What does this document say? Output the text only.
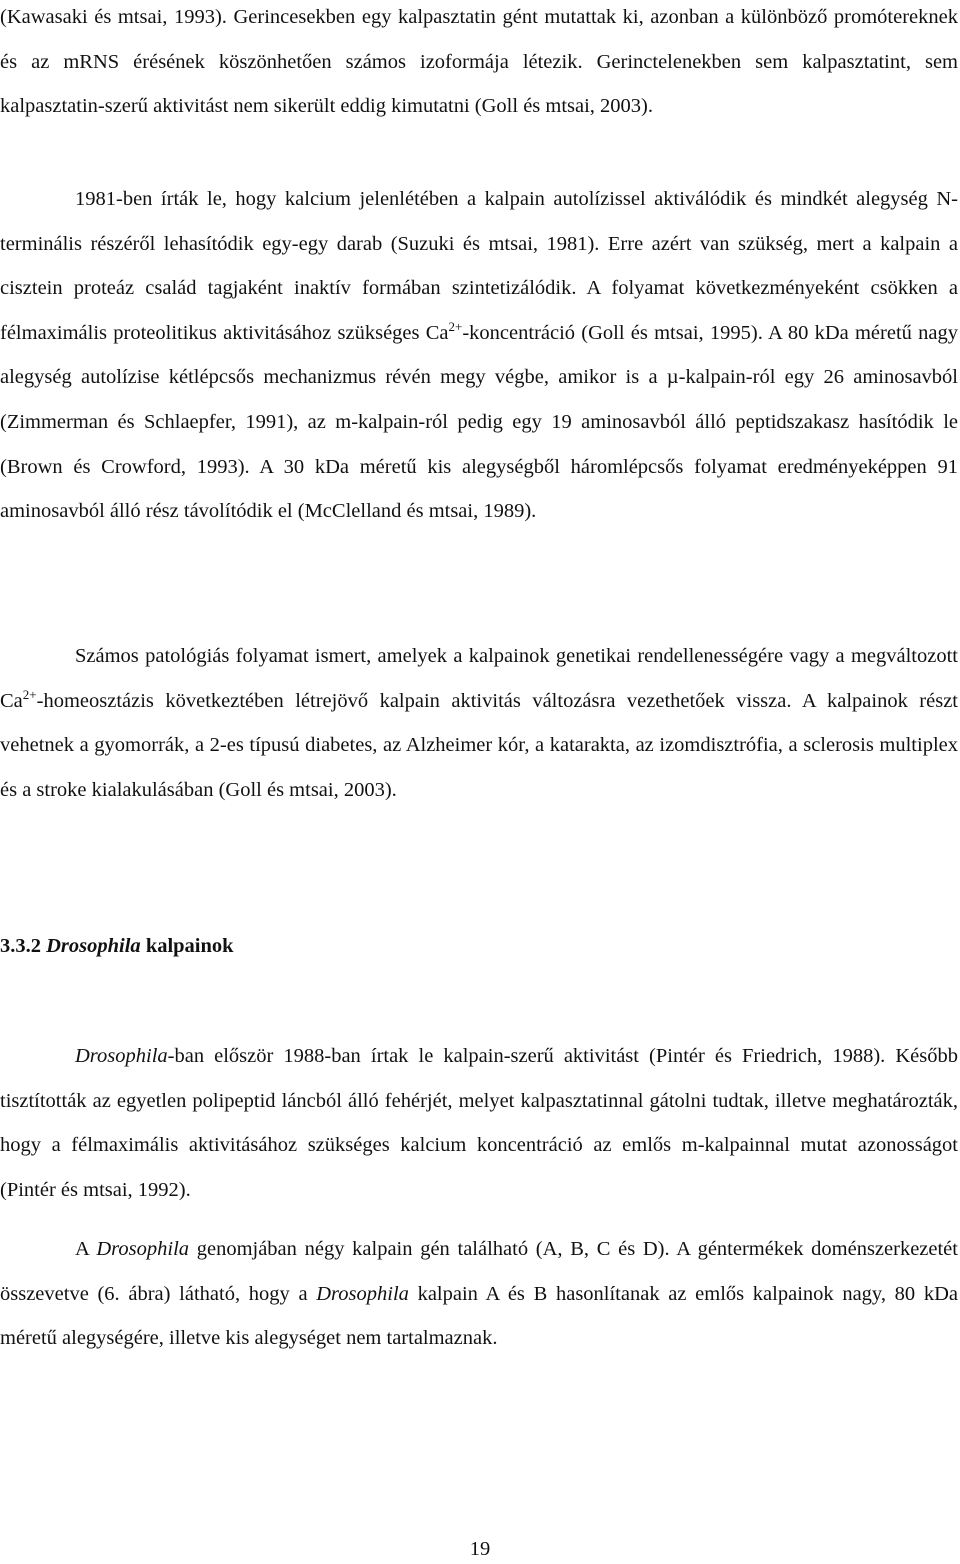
(Kawasaki és mtsai, 1993). Gerincesekben egy kalpasztatin gént mutattak ki, azonban a különböző promótereknek és az mRNS érésének köszönhetően számos izoformája létezik. Gerinctelenekben sem kalpasztatint, sem kalpasztatin-szerű aktivitást nem sikerült eddig kimutatni (Goll és mtsai, 2003).

1981-ben írták le, hogy kalcium jelenlétében a kalpain autolízissel aktiválódik és mindkét alegység N-terminális részéről lehasítódik egy-egy darab (Suzuki és mtsai, 1981). Erre azért van szükség, mert a kalpain a cisztein proteáz család tagjaként inaktív formában szintetizálódik. A folyamat következményeként csökken a félmaximális proteolitikus aktivitásához szükséges $Ca^{2+}$-koncentráció (Goll és mtsai, 1995). A 80 kDa méretű nagy alegység autolízise kétlépcsős mechanizmus révén megy végbe, amikor is a µ-kalpain-ról egy 26 aminosavból (Zimmerman és Schlaepfer, 1991), az m-kalpain-ról pedig egy 19 aminosavból álló peptidszakasz hasítódik le (Brown és Crowford, 1993). A 30 kDa méretű kis alegységből háromlépcsős folyamat eredményeképpen 91 aminosavból álló rész távolítódik el (McClelland és mtsai, 1989).

Számos patológiás folyamat ismert, amelyek a kalpainok genetikai rendellenességére vagy a megváltozott $Ca^{2+}$-homeosztázis következtében létrejövő kalpain aktivitás változásra vezethetőek vissza. A kalpainok részt vehetnek a gyomorrák, a 2-es típusú diabetes, az Alzheimer kór, a katarakta, az izomdisztrófia, a sclerosis multiplex és a stroke kialakulásában (Goll és mtsai, 2003).

3.3.2 Drosophila kalpainok

Drosophila-ban először 1988-ban írtak le kalpain-szerű aktivitást (Pintér és Friedrich, 1988). Később tisztították az egyetlen polipeptid láncból álló fehérjét, melyet kalpasztatinnal gátolni tudtak, illetve meghatározták, hogy a félmaximális aktivitásához szükséges kalcium koncentráció az emlős m-kalpainnal mutat azonosságot (Pintér és mtsai, 1992).

A Drosophila genomjában négy kalpain gén található (A, B, C és D). A géntermékek doménszerkezetét összevetve (6. ábra) látható, hogy a Drosophila kalpain A és B hasonlítanak az emlős kalpainok nagy, 80 kDa méretű alegységére, illetve kis alegységet nem tartalmaznak.

19
